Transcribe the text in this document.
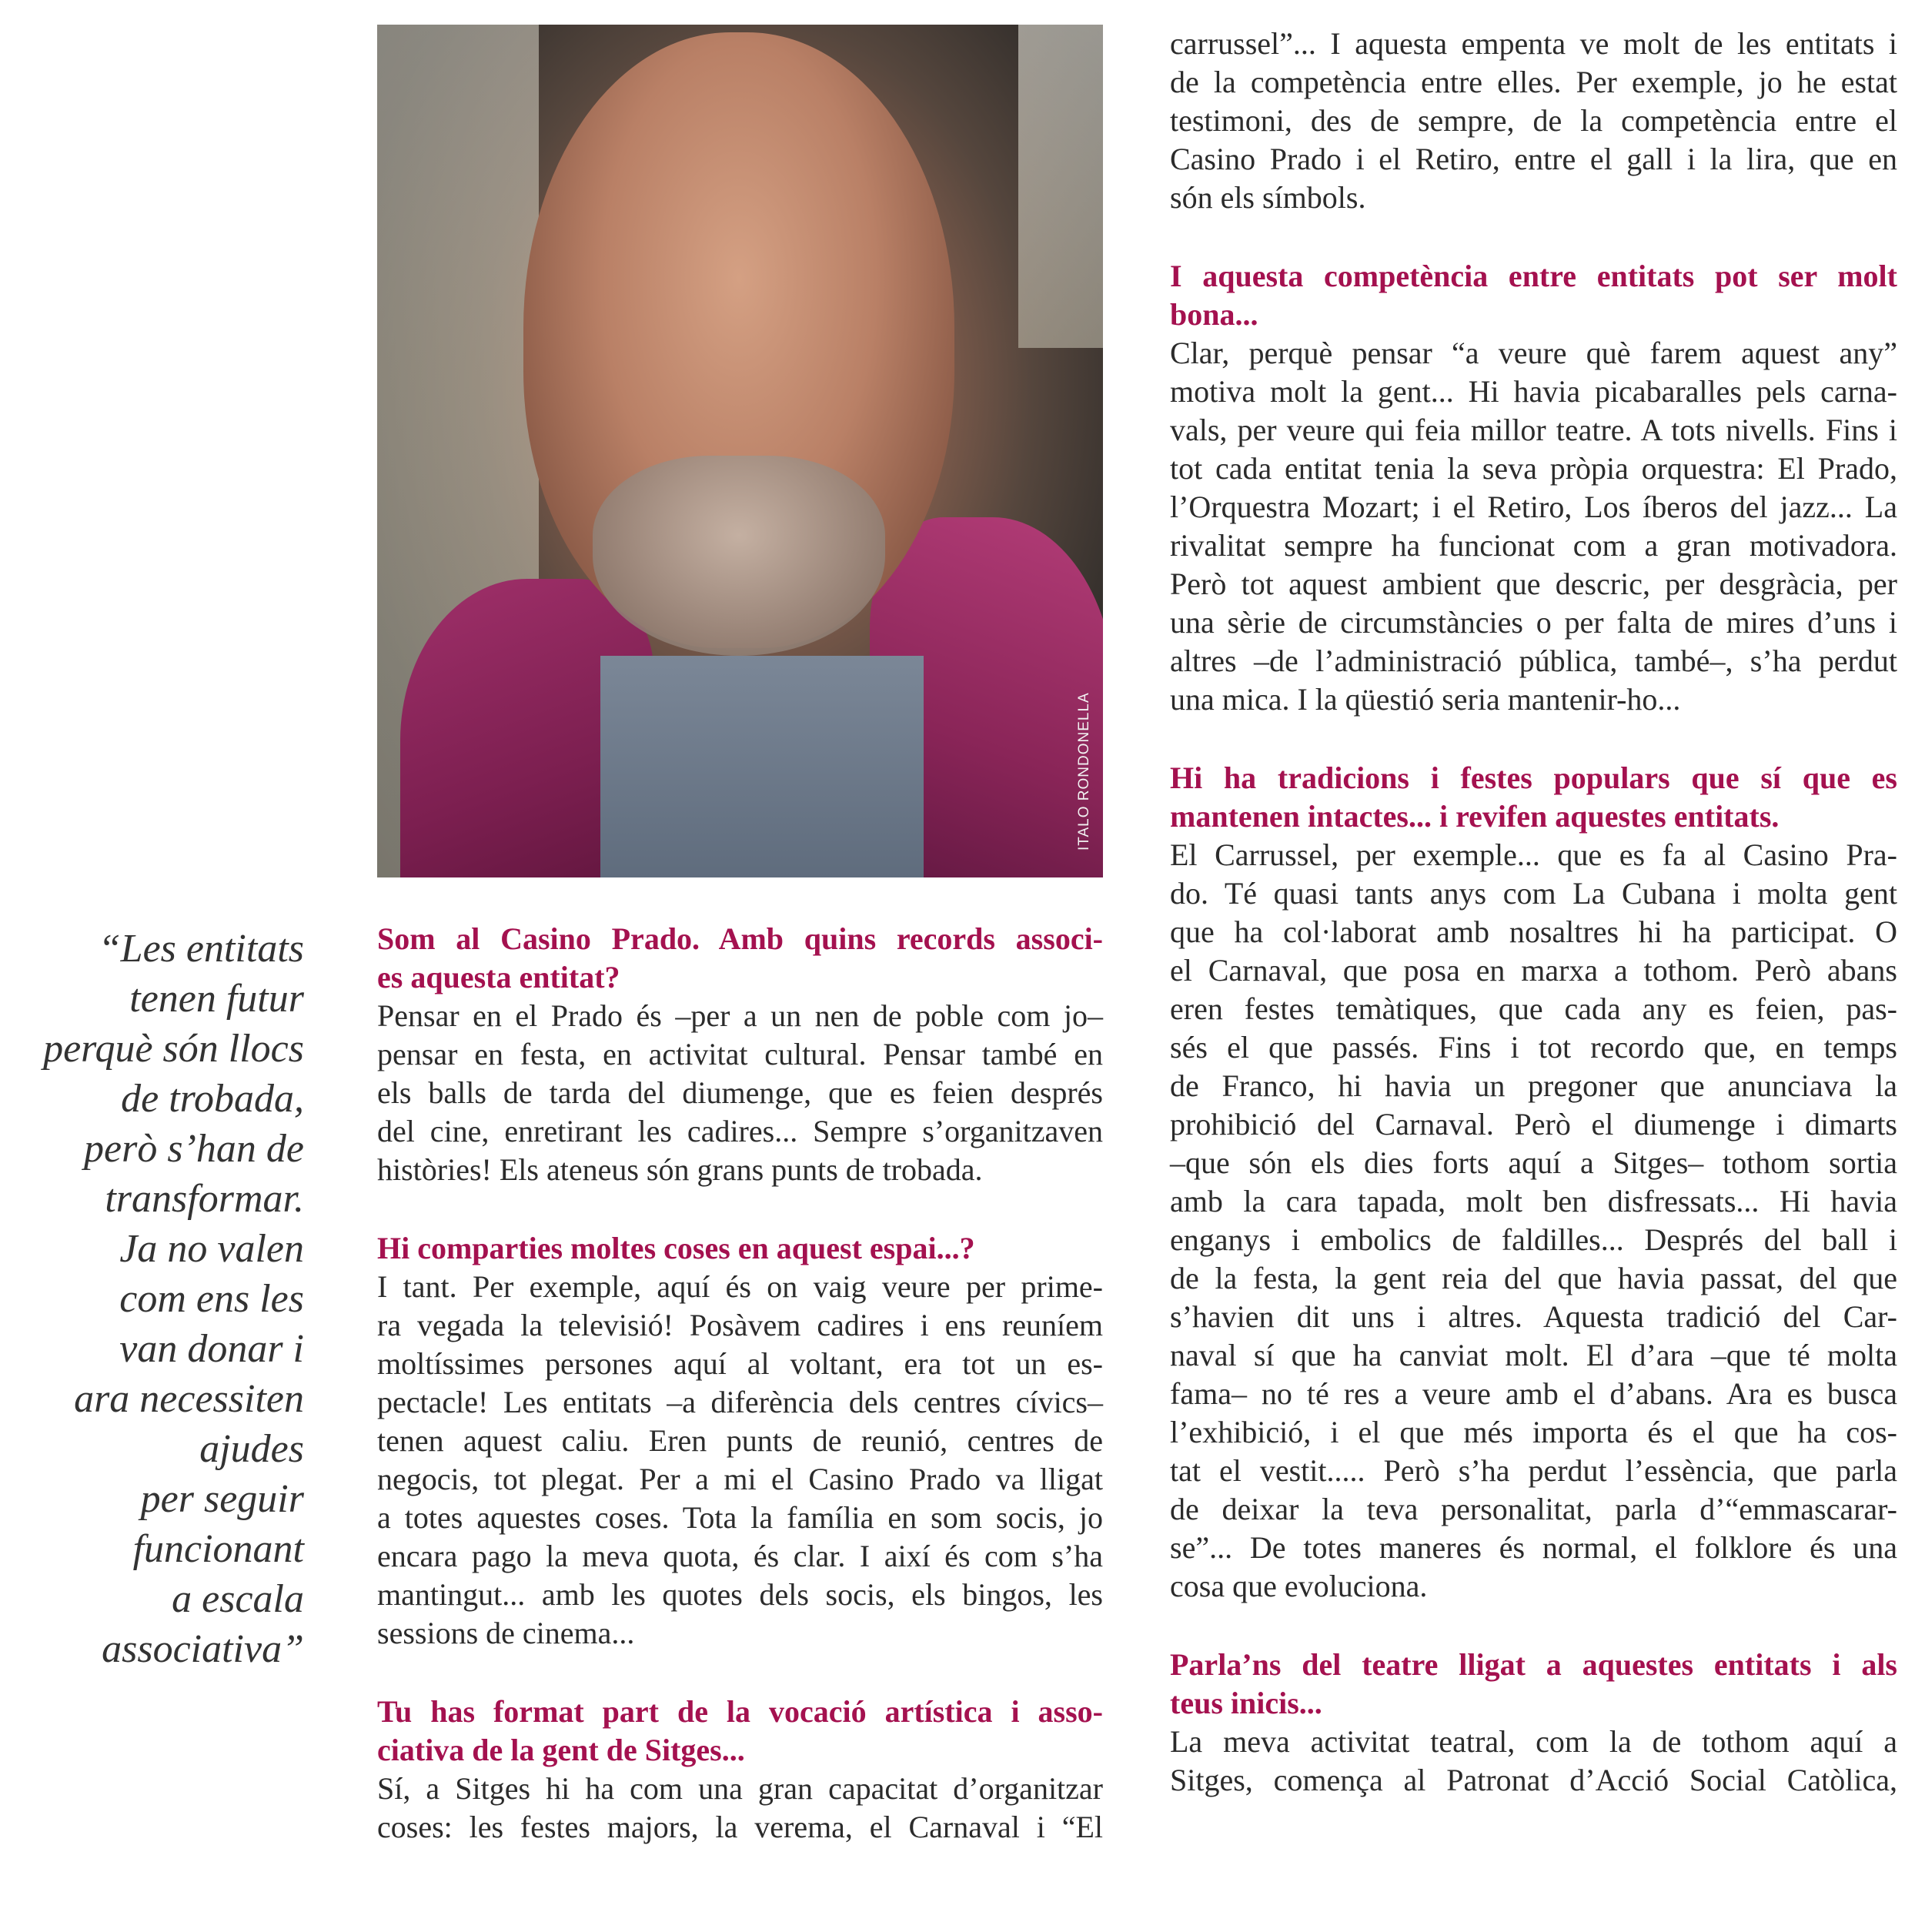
ITALO RONDONELLA
“Les entitats
tenen futur
perquè són llocs
de trobada,
però s’han de
transformar.
Ja no valen
com ens les
van donar i
ara necessiten
ajudes
per seguir
funcionant
a escala
associativa”
Som al Casino Prado. Amb quins records associ-
es aquesta entitat?
Pensar en el Prado és –per a un nen de poble com jo–
pensar en festa, en activitat cultural. Pensar també en
els balls de tarda del diumenge, que es feien després
del cine, enretirant les cadires... Sempre s’organitzaven
històries! Els ateneus són grans punts de trobada.
Hi comparties moltes coses en aquest espai...?
I tant. Per exemple, aquí és on vaig veure per prime-
ra vegada la televisió! Posàvem cadires i ens reuníem
moltíssimes persones aquí al voltant, era tot un es-
pectacle! Les entitats –a diferència dels centres cívics–
tenen aquest caliu. Eren punts de reunió, centres de
negocis, tot plegat. Per a mi el Casino Prado va lligat
a totes aquestes coses. Tota la família en som socis, jo
encara pago la meva quota, és clar. I així és com s’ha
mantingut... amb les quotes dels socis, els bingos, les
sessions de cinema...
Tu has format part de la vocació artística i asso-
ciativa de la gent de Sitges...
Sí, a Sitges hi ha com una gran capacitat d’organitzar
coses: les festes majors, la verema, el Carnaval i “El
carrussel”... I aquesta empenta ve molt de les entitats i
de la competència entre elles. Per exemple, jo he estat
testimoni, des de sempre, de la competència entre el
Casino Prado i el Retiro, entre el gall i la lira, que en
són els símbols.
I aquesta competència entre entitats pot ser molt
bona...
Clar, perquè pensar “a veure què farem aquest any”
motiva molt la gent... Hi havia picabaralles pels carna-
vals, per veure qui feia millor teatre. A tots nivells. Fins i
tot cada entitat tenia la seva pròpia orquestra: El Prado,
l’Orquestra Mozart; i el Retiro, Los íberos del jazz... La
rivalitat sempre ha funcionat com a gran motivadora.
Però tot aquest ambient que descric, per desgràcia, per
una sèrie de circumstàncies o per falta de mires d’uns i
altres –de l’administració pública, també–, s’ha perdut
una mica. I la qüestió seria mantenir-ho...
Hi ha tradicions i festes populars que sí que es
mantenen intactes... i revifen aquestes entitats.
El Carrussel, per exemple... que es fa al Casino Pra-
do. Té quasi tants anys com La Cubana i molta gent
que ha col·laborat amb nosaltres hi ha participat. O
el Carnaval, que posa en marxa a tothom. Però abans
eren festes temàtiques, que cada any es feien, pas-
sés el que passés. Fins i tot recordo que, en temps
de Franco, hi havia un pregoner que anunciava la
prohibició del Carnaval. Però el diumenge i dimarts
–que són els dies forts aquí a Sitges– tothom sortia
amb la cara tapada, molt ben disfressats... Hi havia
enganys i embolics de faldilles... Després del ball i
de la festa, la gent reia del que havia passat, del que
s’havien dit uns i altres. Aquesta tradició del Car-
naval sí que ha canviat molt. El d’ara –que té molta
fama– no té res a veure amb el d’abans. Ara es busca
l’exhibició, i el que més importa és el que ha cos-
tat el vestit..... Però s’ha perdut l’essència, que parla
de deixar la teva personalitat, parla d’“emmascarar-
se”... De totes maneres és normal, el folklore és una
cosa que evoluciona.
Parla’ns del teatre lligat a aquestes entitats i als
teus inicis...
La meva activitat teatral, com la de tothom aquí a
Sitges, comença al Patronat d’Acció Social Catòlica,
